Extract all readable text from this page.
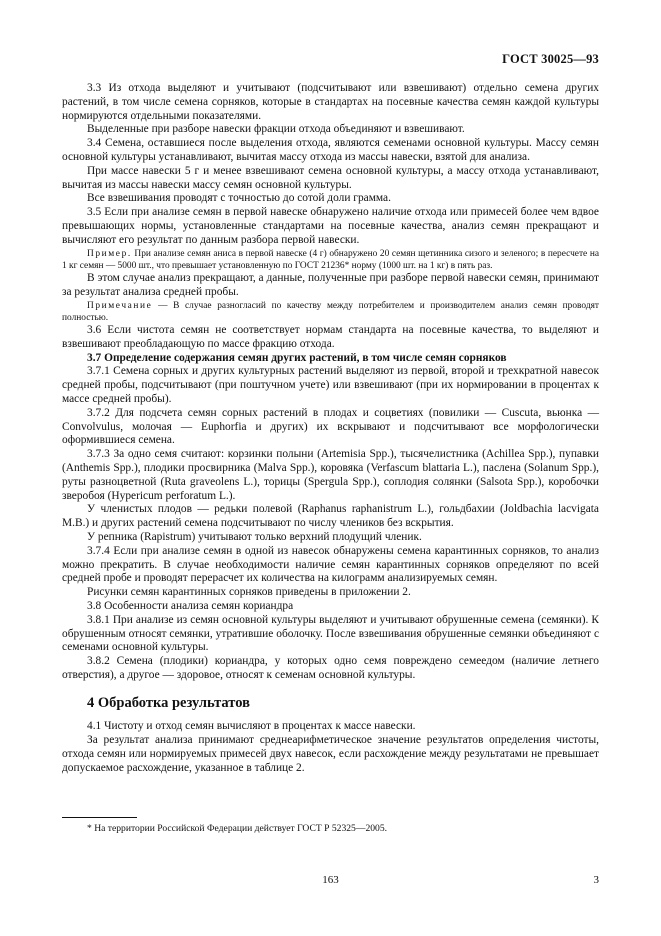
ГОСТ 30025—93

3.3 Из отхода выделяют и учитывают (подсчитывают или взвешивают) отдельно семена других растений, в том числе семена сорняков, которые в стандартах на посевные качества семян каждой культуры нормируются отдельными показателями.

Выделенные при разборе навески фракции отхода объединяют и взвешивают.

3.4 Семена, оставшиеся после выделения отхода, являются семенами основной культуры. Массу семян основной культуры устанавливают, вычитая массу отхода из массы навески, взятой для анализа.

При массе навески 5 г и менее взвешивают семена основной культуры, а массу отхода устанавливают, вычитая из массы навески массу семян основной культуры.

Все взвешивания проводят с точностью до сотой доли грамма.

3.5 Если при анализе семян в первой навеске обнаружено наличие отхода или примесей более чем вдвое превышающих нормы, установленные стандартами на посевные качества, анализ семян прекращают и вычисляют его результат по данным разбора первой навески.

Пример. При анализе семян аниса в первой навеске (4 г) обнаружено 20 семян щетинника сизого и зеленого; в пересчете на 1 кг семян — 5000 шт., что превышает установленную по ГОСТ 21236* норму (1000 шт. на 1 кг) в пять раз.

В этом случае анализ прекращают, а данные, полученные при разборе первой навески семян, принимают за результат анализа средней пробы.

Примечание — В случае разногласий по качеству между потребителем и производителем анализ семян проводят полностью.

3.6 Если чистота семян не соответствует нормам стандарта на посевные качества, то выделяют и взвешивают преобладающую по массе фракцию отхода.

3.7 Определение содержания семян других растений, в том числе семян сорняков

3.7.1 Семена сорных и других культурных растений выделяют из первой, второй и трехкратной навесок средней пробы, подсчитывают (при поштучном учете) или взвешивают (при их нормировании в процентах к массе средней пробы).

3.7.2 Для подсчета семян сорных растений в плодах и соцветиях (повилики — Cuscuta, вьюнка — Convolvulus, молочая — Euphorfia и других) их вскрывают и подсчитывают все морфологически оформившиеся семена.

3.7.3 За одно семя считают: корзинки полыни (Artemisia Spp.), тысячелистника (Achillea Spp.), пупавки (Anthemis Spp.), плодики просвирника (Malva Spp.), коровяка (Verfascum blattaria L.), паслена (Solanum Spp.), руты разноцветной (Ruta graveolens L.), торицы (Spergula Spp.), соплодия солянки (Salsota Spp.), коробочки зверобоя (Hypericum perforatum L.).

У членистых плодов — редьки полевой (Raphanus raphanistrum L.), гольдбахии (Joldbachia lacvigata M.B.) и других растений семена подсчитывают по числу члеников без вскрытия.

У репника (Rapistrum) учитывают только верхний плодущий членик.

3.7.4 Если при анализе семян в одной из навесок обнаружены семена карантинных сорняков, то анализ можно прекратить. В случае необходимости наличие семян карантинных сорняков определяют по всей средней пробе и проводят перерасчет их количества на килограмм анализируемых семян.

Рисунки семян карантинных сорняков приведены в приложении 2.

3.8 Особенности анализа семян кориандра

3.8.1 При анализе из семян основной культуры выделяют и учитывают обрушенные семена (семянки). К обрушенным относят семянки, утратившие оболочку. После взвешивания обрушенные семянки объединяют с семенами основной культуры.

3.8.2 Семена (плодики) кориандра, у которых одно семя повреждено семеедом (наличие летнего отверстия), а другое — здоровое, относят к семенам основной культуры.

4 Обработка результатов

4.1 Чистоту и отход семян вычисляют в процентах к массе навески.

За результат анализа принимают среднеарифметическое значение результатов определения чистоты, отхода семян или нормируемых примесей двух навесок, если расхождение между результатами не превышает допускаемое расхождение, указанное в таблице 2.

* На территории Российской Федерации действует ГОСТ Р 52325—2005.
163	3
